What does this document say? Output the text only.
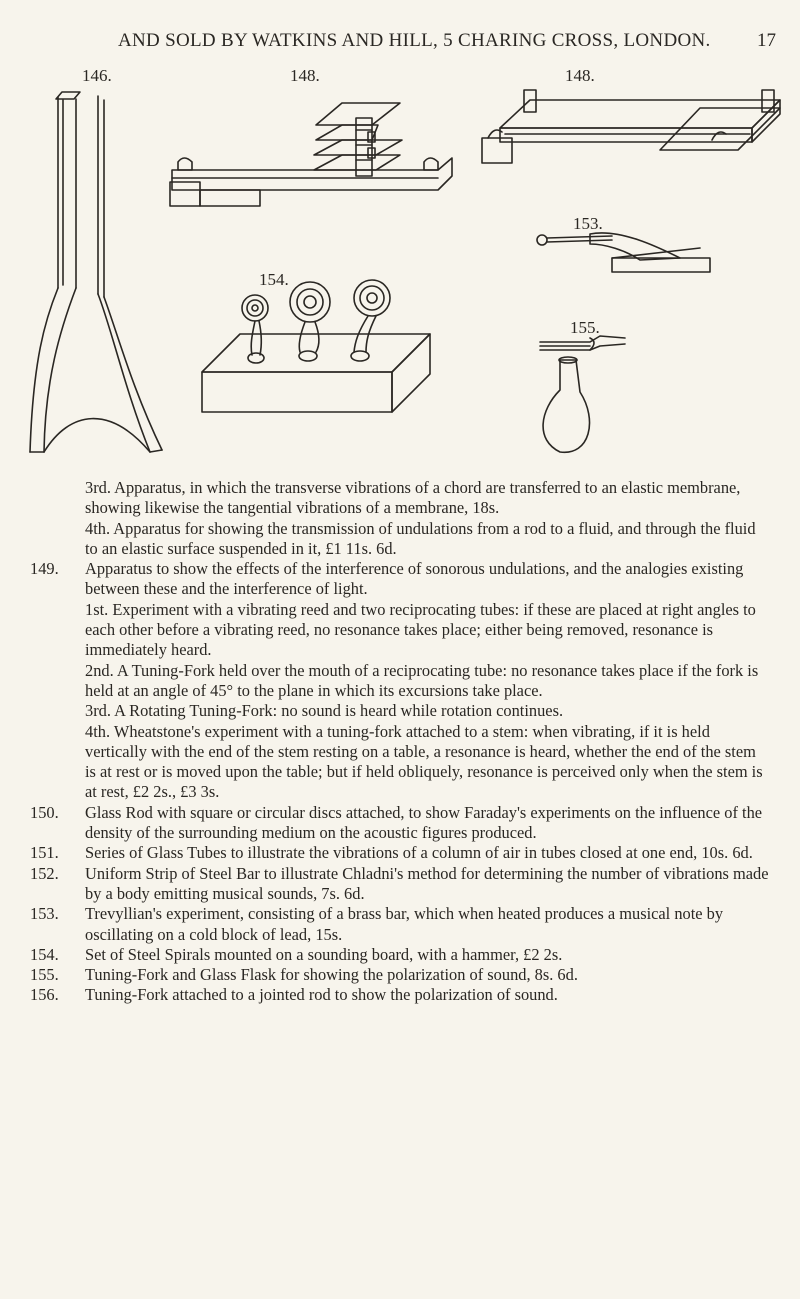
AND SOLD BY WATKINS AND HILL, 5 CHARING CROSS, LONDON. 17
146.	148.	148.
153.
154.
155.

3rd. Apparatus, in which the transverse vibrations of a chord are transferred to an elastic membrane, showing likewise the tangential vibrations of a membrane, 18s.

4th. Apparatus for showing the transmission of undulations from a rod to a fluid, and through the fluid to an elastic surface suspended in it, £1 11s. 6d.

149. Apparatus to show the effects of the interference of sonorous undulations, and the analogies existing between these and the interference of light.

1st. Experiment with a vibrating reed and two reciprocating tubes: if these are placed at right angles to each other before a vibrating reed, no resonance takes place; either being removed, resonance is immediately heard.

2nd. A Tuning-Fork held over the mouth of a reciprocating tube: no resonance takes place if the fork is held at an angle of 45° to the plane in which its excursions take place.

3rd. A Rotating Tuning-Fork: no sound is heard while rotation continues.

4th. Wheatstone's experiment with a tuning-fork attached to a stem: when vibrating, if it is held vertically with the end of the stem resting on a table, a resonance is heard, whether the end of the stem is at rest or is moved upon the table; but if held obliquely, resonance is perceived only when the stem is at rest, £2 2s., £3 3s.

150. Glass Rod with square or circular discs attached, to show Faraday's experiments on the influence of the density of the surrounding medium on the acoustic figures produced.

151. Series of Glass Tubes to illustrate the vibrations of a column of air in tubes closed at one end, 10s. 6d.

152. Uniform Strip of Steel Bar to illustrate Chladni's method for determining the number of vibrations made by a body emitting musical sounds, 7s. 6d.

153. Trevyllian's experiment, consisting of a brass bar, which when heated produces a musical note by oscillating on a cold block of lead, 15s.

154. Set of Steel Spirals mounted on a sounding board, with a hammer, £2 2s.

155. Tuning-Fork and Glass Flask for showing the polarization of sound, 8s. 6d.

156. Tuning-Fork attached to a jointed rod to show the polarization of sound.
